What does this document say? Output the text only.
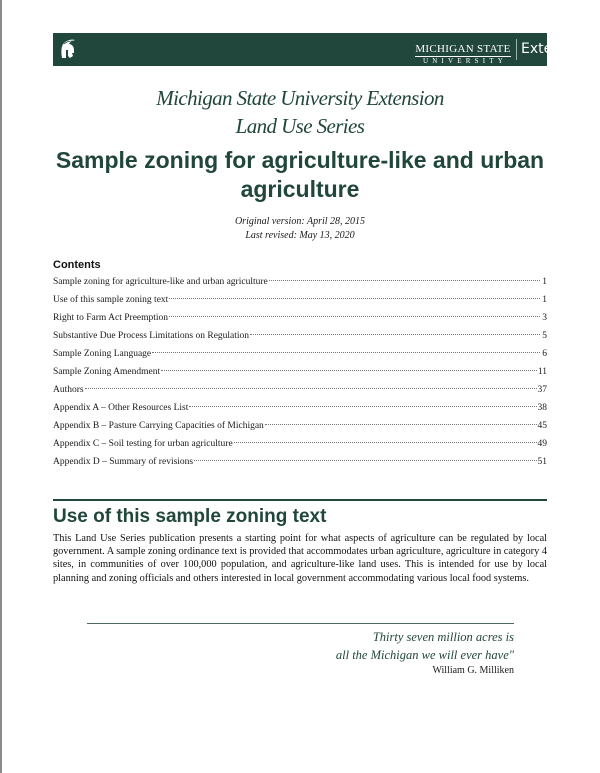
MICHIGAN STATE
UNIVERSITY
Extension
Michigan State University Extension
Land Use Series
Sample zoning for agriculture-like and urban agriculture
Original version: April 28, 2015
Last revised: May 13, 2020
Contents
Sample zoning for agriculture-like and urban agriculture	1
Use of this sample zoning text	1
Right to Farm Act Preemption	3
Substantive Due Process Limitations on Regulation	5
Sample Zoning Language	6
Sample Zoning Amendment	11
Authors	37
Appendix A – Other Resources List	38
Appendix B – Pasture Carrying Capacities of Michigan	45
Appendix C – Soil testing for urban agriculture	49
Appendix D – Summary of revisions	51
Use of this sample zoning text

This Land Use Series publication presents a starting point for what aspects of agriculture can be regulated by local government. A sample zoning ordinance text is provided that accommodates urban agriculture, agriculture in category 4 sites, in communities of over 100,000 population, and agriculture-like land uses. This is intended for use by local planning and zoning officials and others interested in local government accommodating various local food systems.

Thirty seven million acres is
all the Michigan we will ever have"
William G. Milliken
